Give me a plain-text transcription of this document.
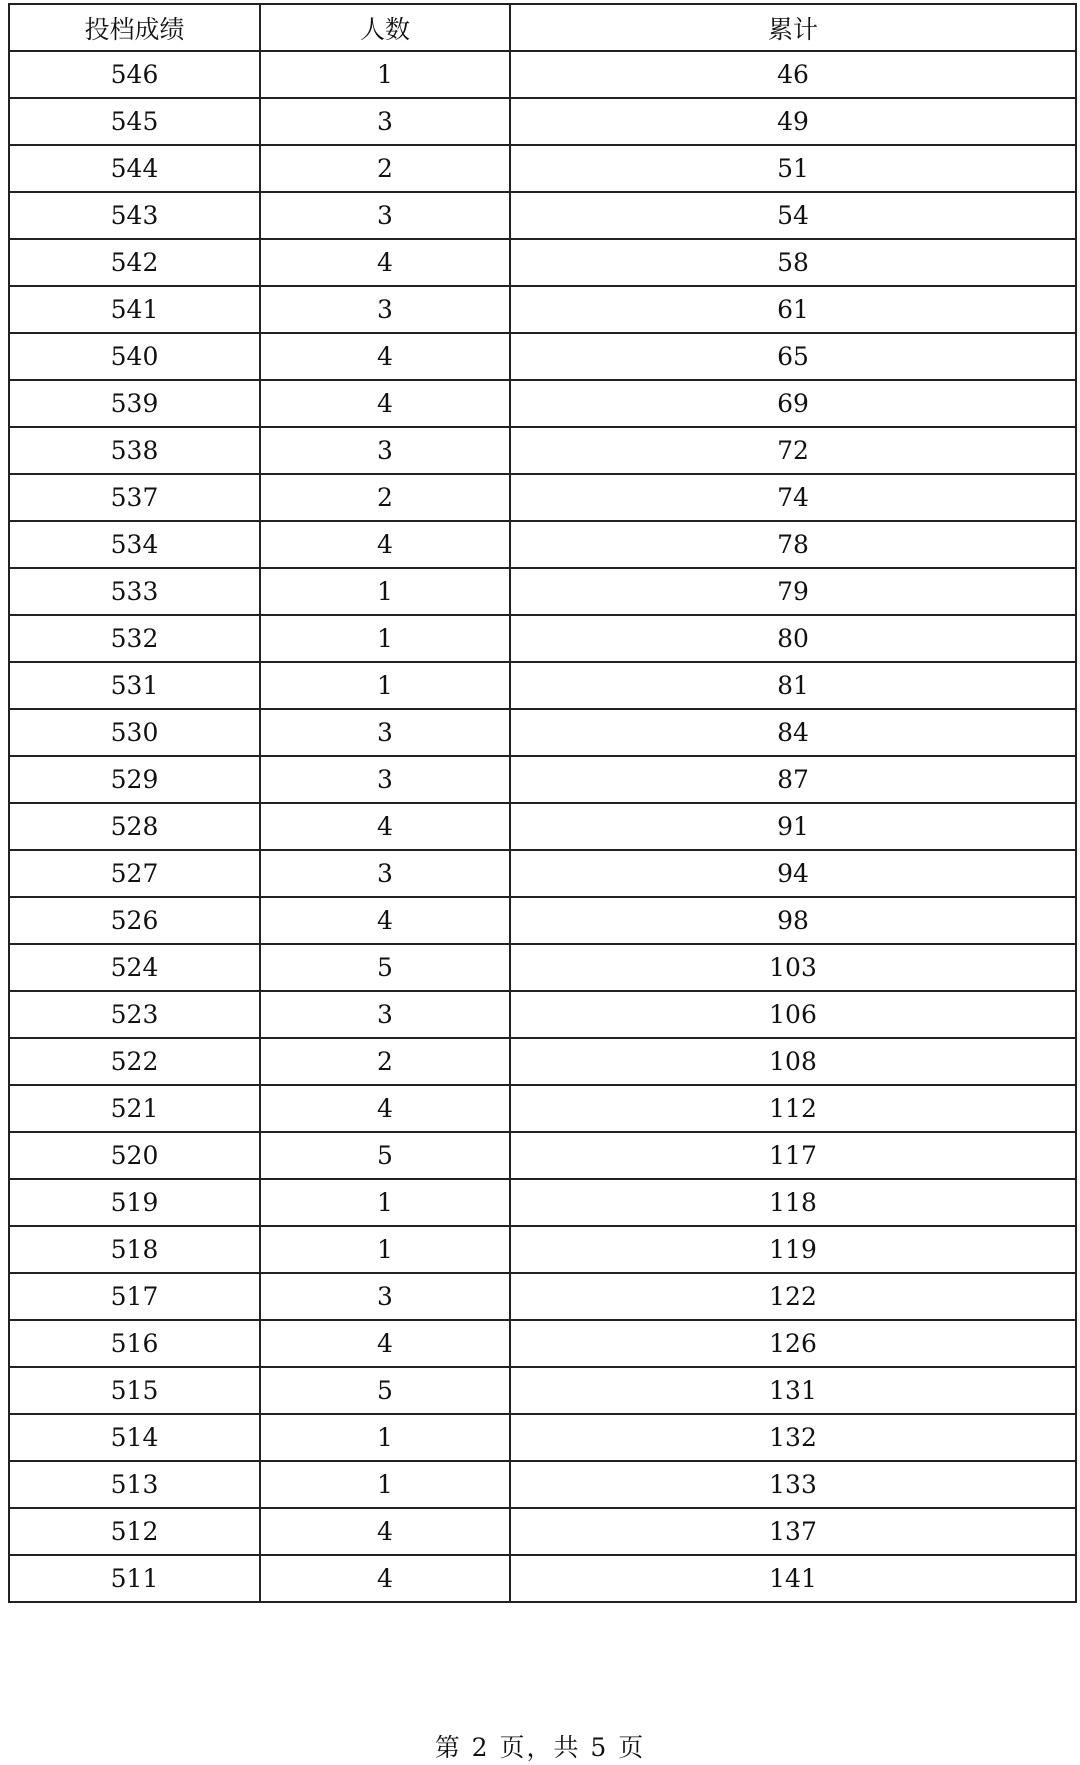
投档成绩	人数	累计
546	1	46
545	3	49
544	2	51
543	3	54
542	4	58
541	3	61
540	4	65
539	4	69
538	3	72
537	2	74
534	4	78
533	1	79
532	1	80
531	1	81
530	3	84
529	3	87
528	4	91
527	3	94
526	4	98
524	5	103
523	3	106
522	2	108
521	4	112
520	5	117
519	1	118
518	1	119
517	3	122
516	4	126
515	5	131
514	1	132
513	1	133
512	4	137
511	4	141
第 2 页，共 5 页
